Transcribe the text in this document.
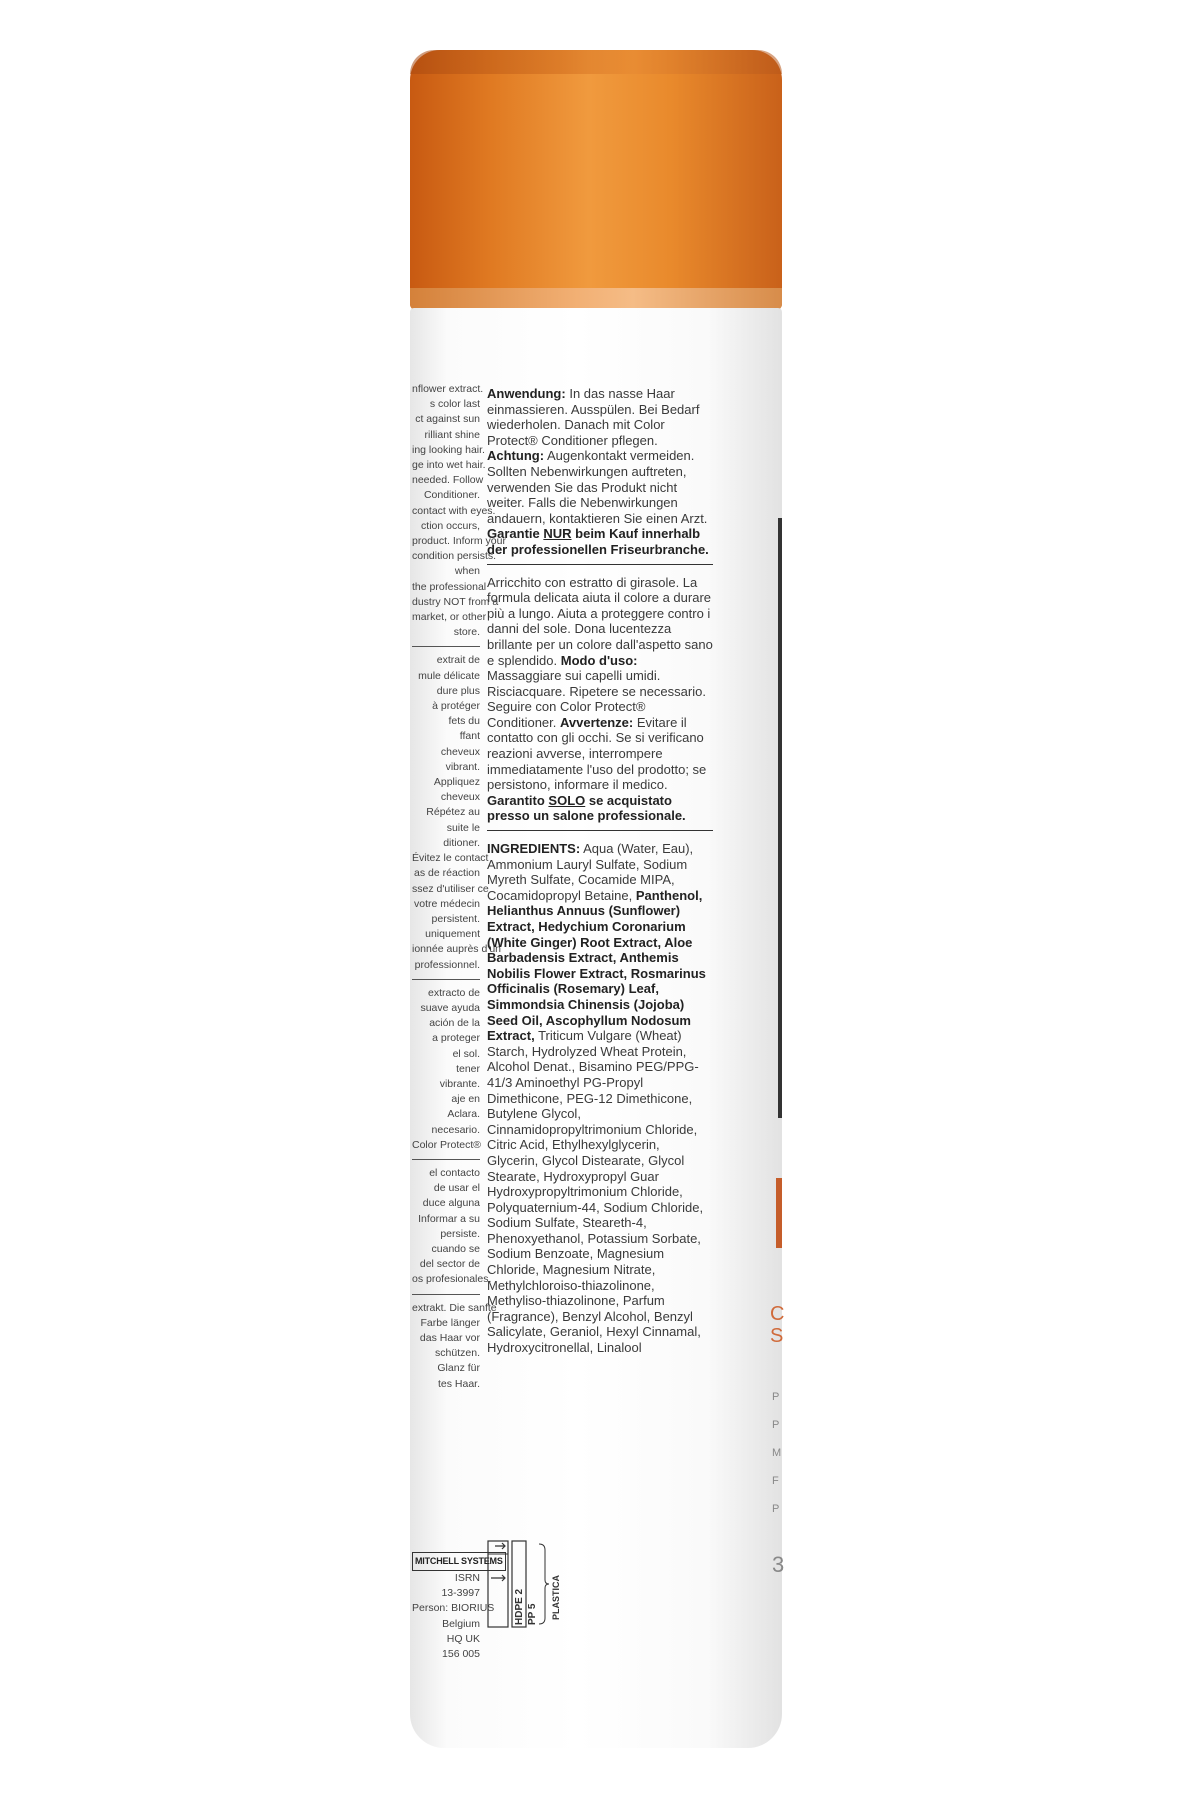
nflower extract.
s color last
ct against sun
rilliant shine
ing looking hair.
ge into wet hair.
needed. Follow
Conditioner.
contact with eyes.
ction occurs,
product. Inform your
condition persists.
when
the professional
dustry NOT from a
market, or other
store.
extrait de
mule délicate
dure plus
à protéger
fets du
ffant
cheveux
vibrant.
Appliquez
cheveux
Répétez au
suite le
ditioner.
Évitez le contact
as de réaction
ssez d'utiliser ce
votre médecin
persistent.
uniquement
ionnée auprès d'un
professionnel.
extracto de
suave ayuda
ación de la
a proteger
el sol.
tener
vibrante.
aje en
Aclara.
necesario.
Color Protect®
el contacto
de usar el
duce alguna
Informar a su
persiste.
cuando se
del sector de
os profesionales.
extrakt. Die sanfte
Farbe länger
das Haar vor
schützen.
Glanz für
tes Haar.
MITCHELL SYSTEMS
ISRN
13-3997
Person: BIORIUS
Belgium
HQ UK
156 005

Anwendung: In das nasse Haar einmassieren. Ausspülen. Bei Bedarf wiederholen. Danach mit Color Protect® Conditioner pflegen. Achtung: Augenkontakt vermeiden. Sollten Nebenwirkungen auftreten, verwenden Sie das Produkt nicht weiter. Falls die Nebenwirkungen andauern, kontaktieren Sie einen Arzt. Garantie NUR beim Kauf innerhalb der professionellen Friseurbranche.

Arricchito con estratto di girasole. La formula delicata aiuta il colore a durare più a lungo. Aiuta a proteggere contro i danni del sole. Dona lucentezza brillante per un colore dall'aspetto sano e splendido. Modo d'uso: Massaggiare sui capelli umidi. Risciacquare. Ripetere se necessario. Seguire con Color Protect® Conditioner. Avvertenze: Evitare il contatto con gli occhi. Se si verificano reazioni avverse, interrompere immediatamente l'uso del prodotto; se persistono, informare il medico. Garantito SOLO se acquistato presso un salone professionale.

INGREDIENTS: Aqua (Water, Eau), Ammonium Lauryl Sulfate, Sodium Myreth Sulfate, Cocamide MIPA, Cocamidopropyl Betaine, Panthenol, Helianthus Annuus (Sunflower) Extract, Hedychium Coronarium (White Ginger) Root Extract, Aloe Barbadensis Extract, Anthemis Nobilis Flower Extract, Rosmarinus Officinalis (Rosemary) Leaf, Simmondsia Chinensis (Jojoba) Seed Oil, Ascophyllum Nodosum Extract, Triticum Vulgare (Wheat) Starch, Hydrolyzed Wheat Protein, Alcohol Denat., Bisamino PEG/PPG-41/3 Aminoethyl PG-Propyl Dimethicone, PEG-12 Dimethicone, Butylene Glycol, Cinnamidopropyltrimonium Chloride, Citric Acid, Ethylhexylglycerin, Glycerin, Glycol Distearate, Glycol Stearate, Hydroxypropyl Guar Hydroxypropyltrimonium Chloride, Polyquaternium-44, Sodium Chloride, Sodium Sulfate, Steareth-4, Phenoxyethanol, Potassium Sorbate, Sodium Benzoate, Magnesium Chloride, Magnesium Nitrate, Methylchloroiso-thiazolinone, Methyliso-thiazolinone, Parfum (Fragrance), Benzyl Alcohol, Benzyl Salicylate, Geraniol, Hexyl Cinnamal, Hydroxycitronellal, Linalool

HDPE 2 PP 5 PLASTICA
C
S
P
P
M
F
P
3
